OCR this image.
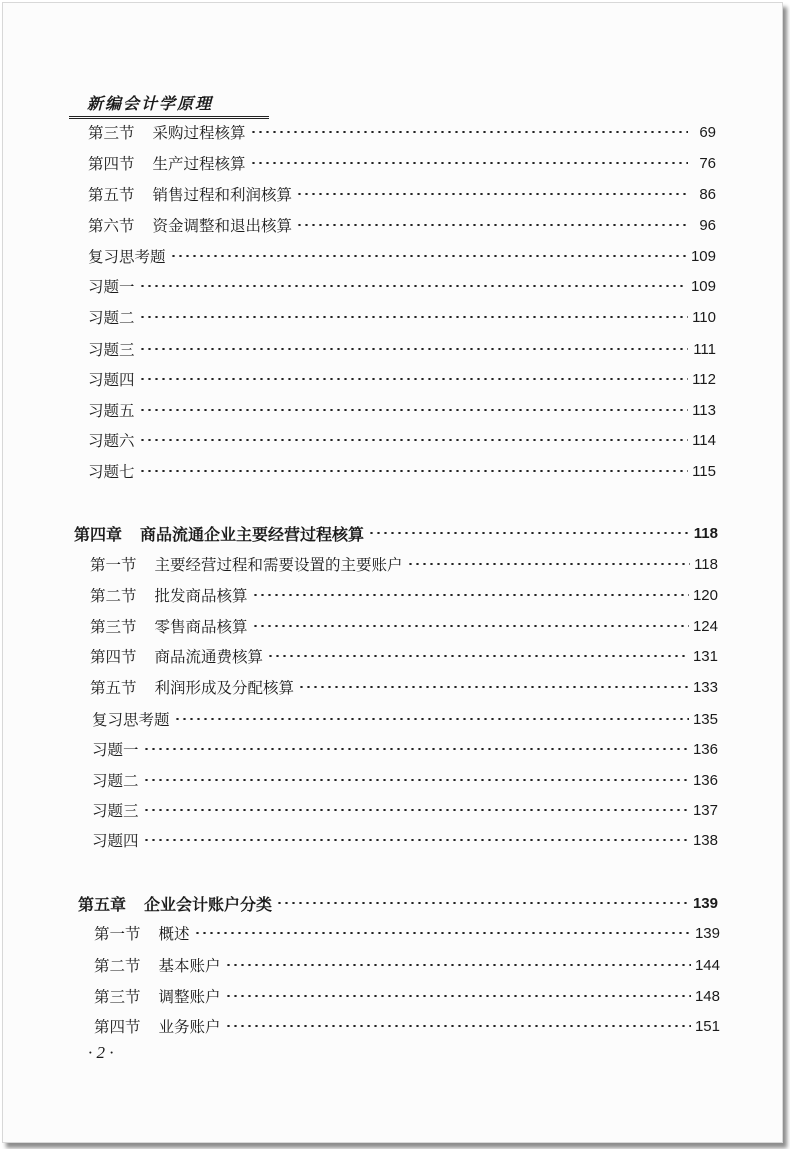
新编会计学原理
第三节 采购过程核算	69
第四节 生产过程核算	76
第五节 销售过程和利润核算	86
第六节 资金调整和退出核算	96
复习思考题	109
习题一	109
习题二	110
习题三	111
习题四	112
习题五	113
习题六	114
习题七	115
第四章 商品流通企业主要经营过程核算	118
第一节 主要经营过程和需要设置的主要账户	118
第二节 批发商品核算	120
第三节 零售商品核算	124
第四节 商品流通费核算	131
第五节 利润形成及分配核算	133
复习思考题	135
习题一	136
习题二	136
习题三	137
习题四	138
第五章 企业会计账户分类	139
第一节 概述	139
第二节 基本账户	144
第三节 调整账户	148
第四节 业务账户	151
· 2 ·
